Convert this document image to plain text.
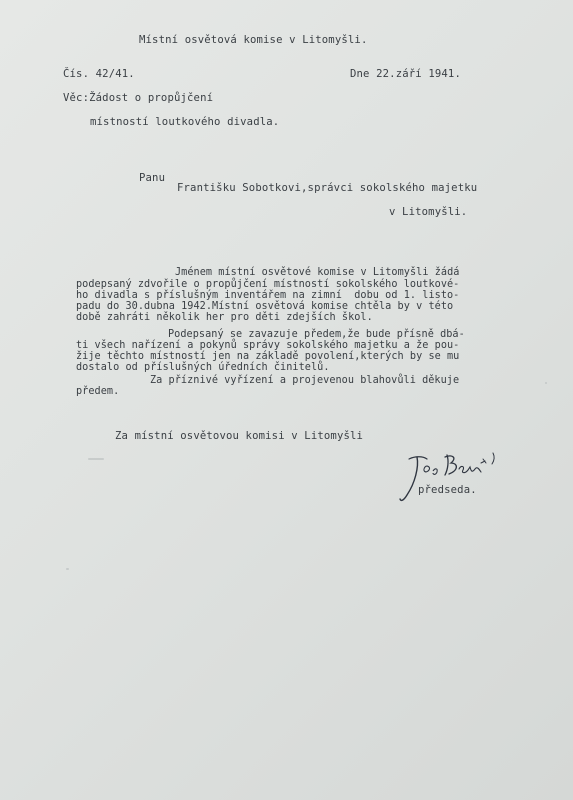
Místní osvětová komise v Litomyšli.
Čís. 42/41.	Dne 22.září 1941.
Věc:Žádost o propůjčení
místností loutkového divadla.
Panu
Františku Sobotkovi,správci sokolského majetku
v Litomyšli.
Jménem místní osvětové komise v Litomyšli žádá
podepsaný zdvořile o propůjčení místností sokolského loutkové-
ho divadla s příslušným inventářem na zimní  dobu od 1. listo-
padu do 30.dubna 1942.Místní osvětová komise chtěla by v této
době zahráti několik her pro děti zdejších škol.
Podepsaný se zavazuje předem,že bude přísně dbá-
ti všech nařízení a pokynů správy sokolského majetku a že pou-
žije těchto místností jen na základě povolení,kterých by se mu
dostalo od příslušných úředních činitelů.
Za příznivé vyřízení a projevenou blahovůli děkuje
předem.
Za místní osvětovou komisi v Litomyšli
předseda.
